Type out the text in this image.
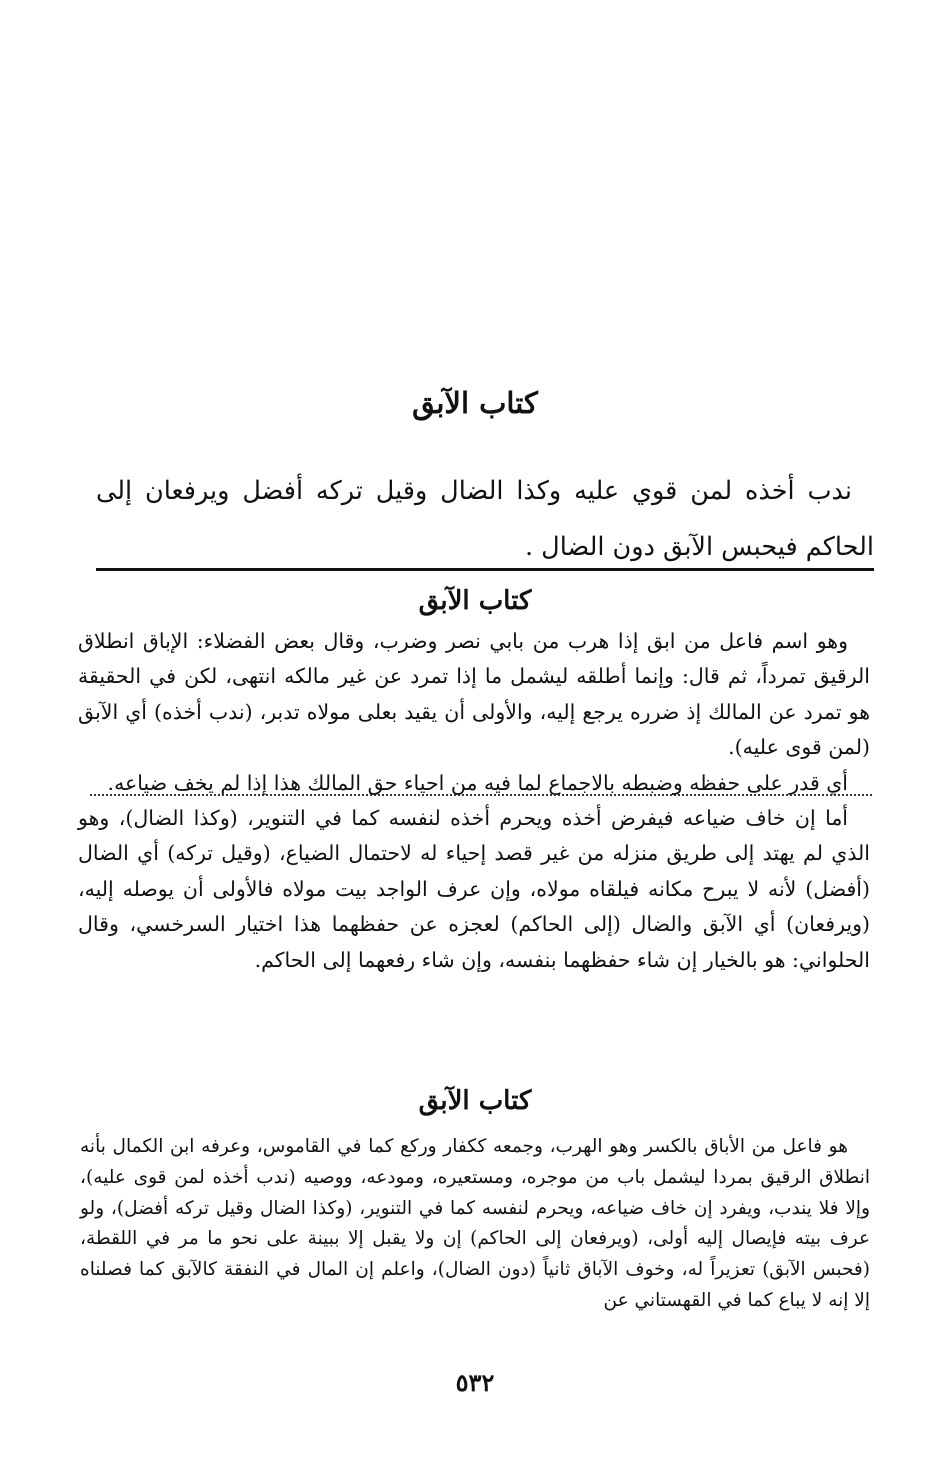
كتاب الآبق

ندب أخذه لمن قوي عليه وكذا الضال وقيل تركه أفضل ويرفعان إلى الحاكم فيحبس الآبق دون الضال .

كتاب الآبق

وهو اسم فاعل من ابق إذا هرب من بابي نصر وضرب، وقال بعض الفضلاء: الإباق انطلاق الرقيق تمرداً، ثم قال: وإنما أطلقه ليشمل ما إذا تمرد عن غير مالكه انتهى، لكن في الحقيقة هو تمرد عن المالك إذ ضرره يرجع إليه، والأولى أن يقيد بعلى مولاه تدبر، (ندب أخذه) أي الآبق (لمن قوى عليه).

أي قدر على حفظه وضبطه بالاجماع لما فيه من احياء حق المالك هذا إذا لم يخف ضياعه.

أما إن خاف ضياعه فيفرض أخذه ويحرم أخذه لنفسه كما في التنوير، (وكذا الضال)، وهو الذي لم يهتد إلى طريق منزله من غير قصد إحياء له لاحتمال الضياع، (وقيل تركه) أي الضال (أفضل) لأنه لا يبرح مكانه فيلقاه مولاه، وإن عرف الواجد بيت مولاه فالأولى أن يوصله إليه، (ويرفعان) أي الآبق والضال (إلى الحاكم) لعجزه عن حفظهما هذا اختيار السرخسي، وقال الحلواني: هو بالخيار إن شاء حفظهما بنفسه، وإن شاء رفعهما إلى الحاكم.

كتاب الآبق

هو فاعل من الأباق بالكسر وهو الهرب، وجمعه ككفار وركع كما في القاموس، وعرفه ابن الكمال بأنه انطلاق الرقيق بمردا ليشمل باب من موجره، ومستعيره، ومودعه، ووصيه (ندب أخذه لمن قوى عليه)، وإلا فلا يندب، ويفرد إن خاف ضياعه، ويحرم لنفسه كما في التنوير، (وكذا الضال وقيل تركه أفضل)، ولو عرف بيته فإيصال إليه أولى، (ويرفعان إلى الحاكم) إن ولا يقبل إلا ببينة على نحو ما مر في اللقطة، (فحبس الآبق) تعزيراً له، وخوف الآباق ثانياً (دون الضال)، واعلم إن المال في النفقة كالآبق كما فصلناه إلا إنه لا يباع كما في القهستاني عن

٥٣٢
